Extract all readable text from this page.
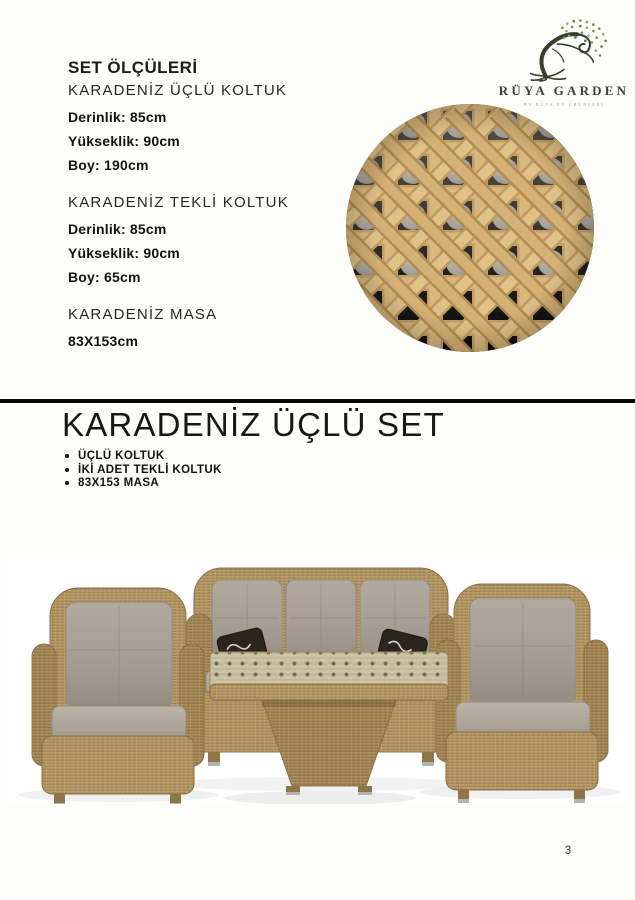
RÜYA GARDEN
BY RÜYA EV ÜRÜNLERİ
SET ÖLÇÜLERİ
KARADENİZ ÜÇLÜ KOLTUK
Derinlik: 85cm
Yükseklik: 90cm
Boy: 190cm
KARADENİZ TEKLİ KOLTUK
Derinlik: 85cm
Yükseklik: 90cm
Boy: 65cm
KARADENİZ MASA
83X153cm
KARADENİZ ÜÇLÜ SET
ÜÇLÜ KOLTUK
İKİ ADET TEKLİ KOLTUK
83X153 MASA
3
